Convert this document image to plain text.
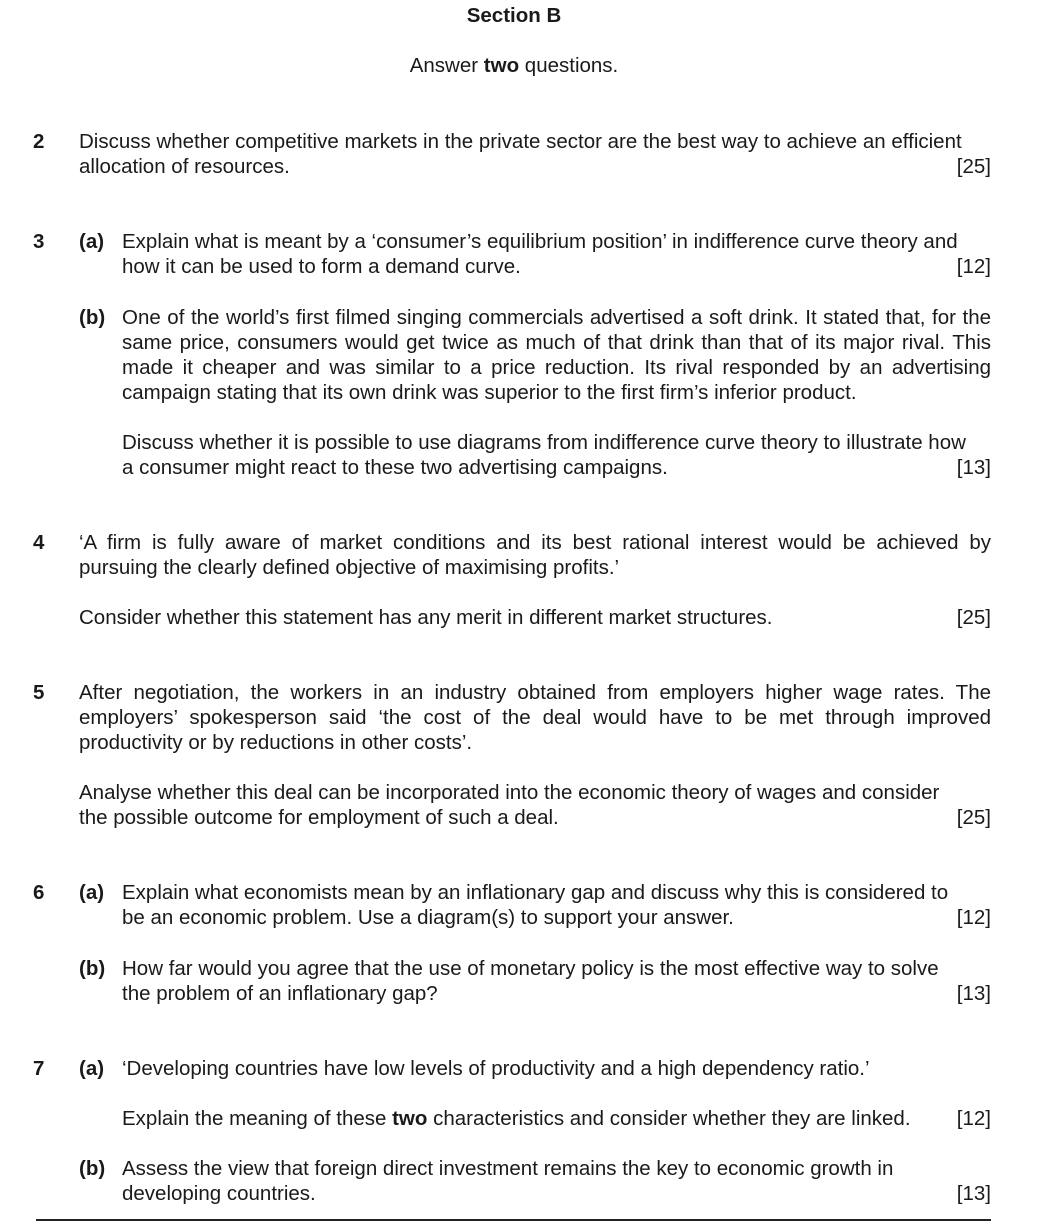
Section B
Answer two questions.
2 Discuss whether competitive markets in the private sector are the best way to achieve an efficient
allocation of resources.	[25]
3 (a) Explain what is meant by a ‘consumer’s equilibrium position’ in indifference curve theory and
how it can be used to form a demand curve.	[12]
(b) One of the world’s first filmed singing commercials advertised a soft drink. It stated that, for the same price, consumers would get twice as much of that drink than that of its major rival. This made it cheaper and was similar to a price reduction. Its rival responded by an advertising campaign stating that its own drink was superior to the first firm’s inferior product.
Discuss whether it is possible to use diagrams from indifference curve theory to illustrate how
a consumer might react to these two advertising campaigns.	[13]
4 ‘A firm is fully aware of market conditions and its best rational interest would be achieved by pursuing the clearly defined objective of maximising profits.’
Consider whether this statement has any merit in different market structures.	[25]
5 After negotiation, the workers in an industry obtained from employers higher wage rates. The employers’ spokesperson said ‘the cost of the deal would have to be met through improved productivity or by reductions in other costs’.
Analyse whether this deal can be incorporated into the economic theory of wages and consider
the possible outcome for employment of such a deal.	[25]
6 (a) Explain what economists mean by an inflationary gap and discuss why this is considered to
be an economic problem. Use a diagram(s) to support your answer.	[12]
(b) How far would you agree that the use of monetary policy is the most effective way to solve
the problem of an inflationary gap?	[13]
7 (a) ‘Developing countries have low levels of productivity and a high dependency ratio.’
Explain the meaning of these two characteristics and consider whether they are linked. [12]
(b) Assess the view that foreign direct investment remains the key to economic growth in
developing countries.	[13]
